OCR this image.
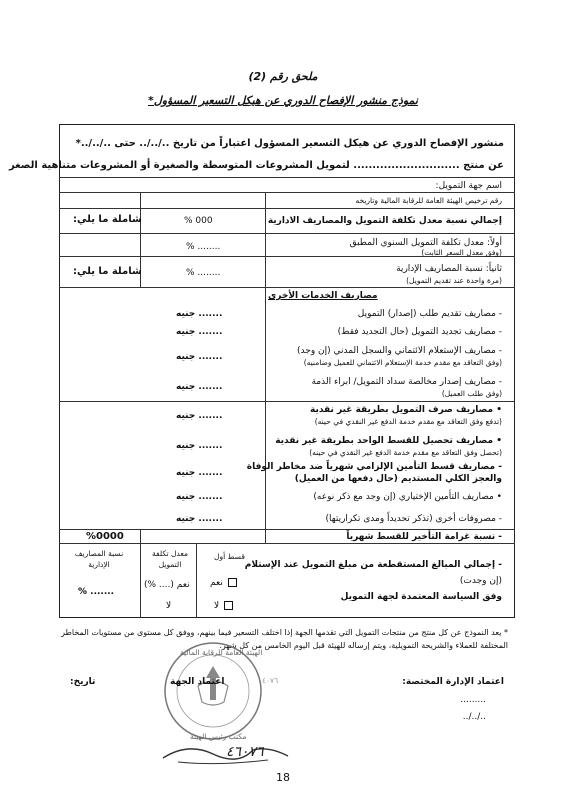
ملحق رقم (2)
نموذج منشور الإفصاح الدوري عن هيكل التسعير المسؤول*
منشور الإفصاح الدوري عن هيكل التسعير المسؤول اعتباراً من تاريخ ../../.. حتى ../../..*
عن منتج ............................ لتمويل المشروعات المتوسطة والصغيرة أو المشروعات متناهية الصغر
اسم جهة التمويل:
رقم ترخيص الهيئة العامة للرقابة المالية وتاريخه
إجمالي نسبة معدل تكلفة التمويل والمصاريف الادارية
% 000
شاملة ما يلي:
أولاً: معدل تكلفة التمويل السنوي المطبق
(وفق معدل السعر الثابت)
% ........
ثانياً: نسبة المصاريف الإدارية
(مرة واحدة عند تقديم التمويل)
% ........
شاملة ما يلي:
مصاريف الخدمات الأخرى
- مصاريف تقديم طلب (إصدار) التمويل
....... جنيه
- مصاريف تجديد التمويل (حال التجديد فقط)
....... جنيه
- مصاريف الإستعلام الائتماني والسجل المدني (إن وجد)
(وفق التعاقد مع مقدم خدمة الإستعلام الائتماني للعميل وضامنيه)
....... جنيه
- مصاريف إصدار مخالصة سداد التمويل/ ابراء الذمة
(وفق طلب العميل)
....... جنيه
• مصاريف صرف التمويل بطريقة غير نقدية
(تدفع وفق التعاقد مع مقدم خدمة الدفع غير النقدي في حينه)
....... جنيه
• مصاريف تحصيل للقسط الواحد بطريقة غير نقدية
(تحصل وفق التعاقد مع مقدم خدمة الدفع غير النقدي في حينه)
....... جنيه
- مصاريف قسط التأمين الإلزامي شهرياً ضد مخاطر الوفاة
والعجز الكلي المستديم (حال دفعها من العميل)
....... جنيه
• مصاريف التأمين الإختياري (إن وجد مع ذكر نوعه)
....... جنيه
- مصروفات أخرى (تذكر تحديداً ومدى تكراريتها)
....... جنيه
- نسبة غرامة التأخير للقسط شهرياً
%0000
- إجمالي المبالغ المستقطعة من مبلغ التمويل عند الإستلام
(إن وجدت)
وفق السياسة المعتمدة لجهة التمويل
قسط أول
نعم
لا
معدل تكلفة التمويل
نعم (.... %)
لا
نسبة المصاريف الإدارية
% .......
* يعد النموذج عن كل منتج من منتجات التمويل التي تقدمها الجهة إذا اختلف التسعير فيما بينهم، ووفق كل مستوى من مستويات المخاطر المختلفة للعملاء والشريحة التمويلية، ويتم إرساله للهيئة قبل اليوم الخامس من كل شهر.
الهيئة العامة للرقابة المالية
مكتب رئيس الهيئة
٤٠٧٦	اعتماد الإدارة المختصة:
.........
../../..
اعتماد الجهة
تاريخ:
٤٦٠٧٦
18
